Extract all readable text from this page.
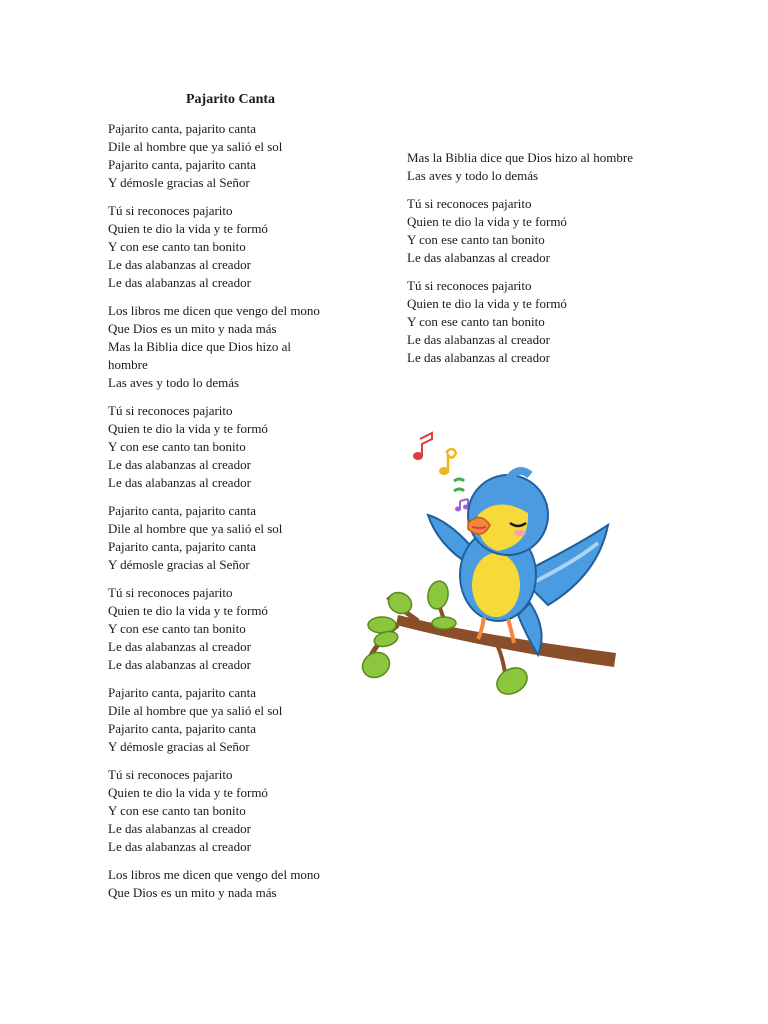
Pajarito Canta
Pajarito canta, pajarito canta
Dile al hombre que ya salió el sol
Pajarito canta, pajarito canta
Y démosle gracias al Señor
Tú si reconoces pajarito
Quien te dio la vida y te formó
Y con ese canto tan bonito
Le das alabanzas al creador
Le das alabanzas al creador
Los libros me dicen que vengo del mono
Que Dios es un mito y nada más
Mas la Biblia dice que Dios hizo al hombre
Las aves y todo lo demás
Tú si reconoces pajarito
Quien te dio la vida y te formó
Y con ese canto tan bonito
Le das alabanzas al creador
Le das alabanzas al creador
Pajarito canta, pajarito canta
Dile al hombre que ya salió el sol
Pajarito canta, pajarito canta
Y démosle gracias al Señor
Tú si reconoces pajarito
Quien te dio la vida y te formó
Y con ese canto tan bonito
Le das alabanzas al creador
Le das alabanzas al creador
Pajarito canta, pajarito canta
Dile al hombre que ya salió el sol
Pajarito canta, pajarito canta
Y démosle gracias al Señor
Tú si reconoces pajarito
Quien te dio la vida y te formó
Y con ese canto tan bonito
Le das alabanzas al creador
Le das alabanzas al creador
Los libros me dicen que vengo del mono
Que Dios es un mito y nada más
Mas la Biblia dice que Dios hizo al hombre
Las aves y todo lo demás
Tú si reconoces pajarito
Quien te dio la vida y te formó
Y con ese canto tan bonito
Le das alabanzas al creador
Tú si reconoces pajarito
Quien te dio la vida y te formó
Y con ese canto tan bonito
Le das alabanzas al creador
Le das alabanzas al creador
